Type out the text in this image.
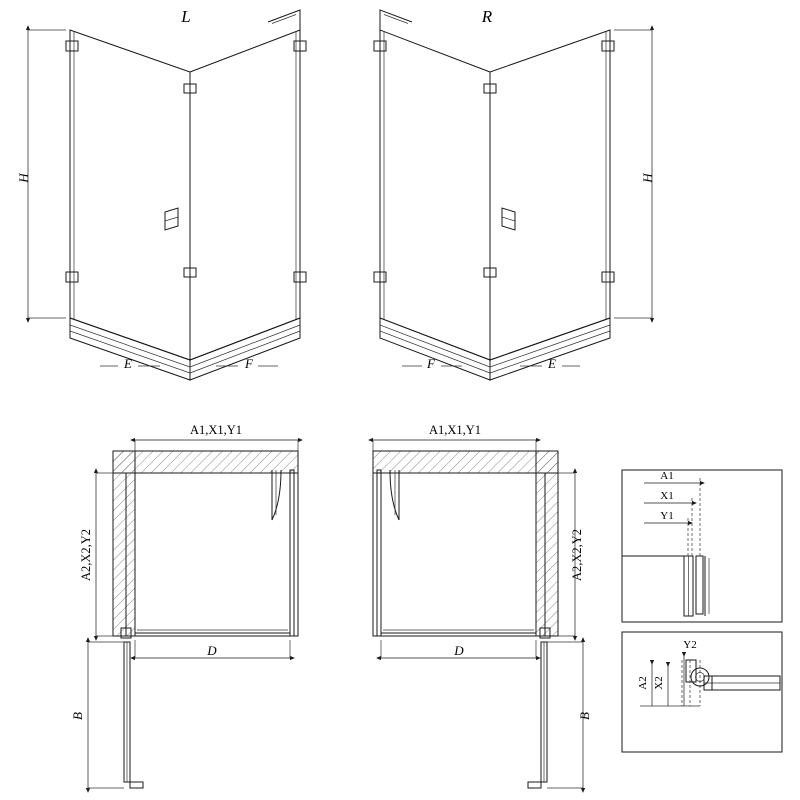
H
E	F
L
H
F	E
R
A1,X1,Y1
A2,X2,Y2
D
B
A1,X1,Y1
A2,X2,Y2
D
B
A1
X1
Y1
A2 X2
Y2
